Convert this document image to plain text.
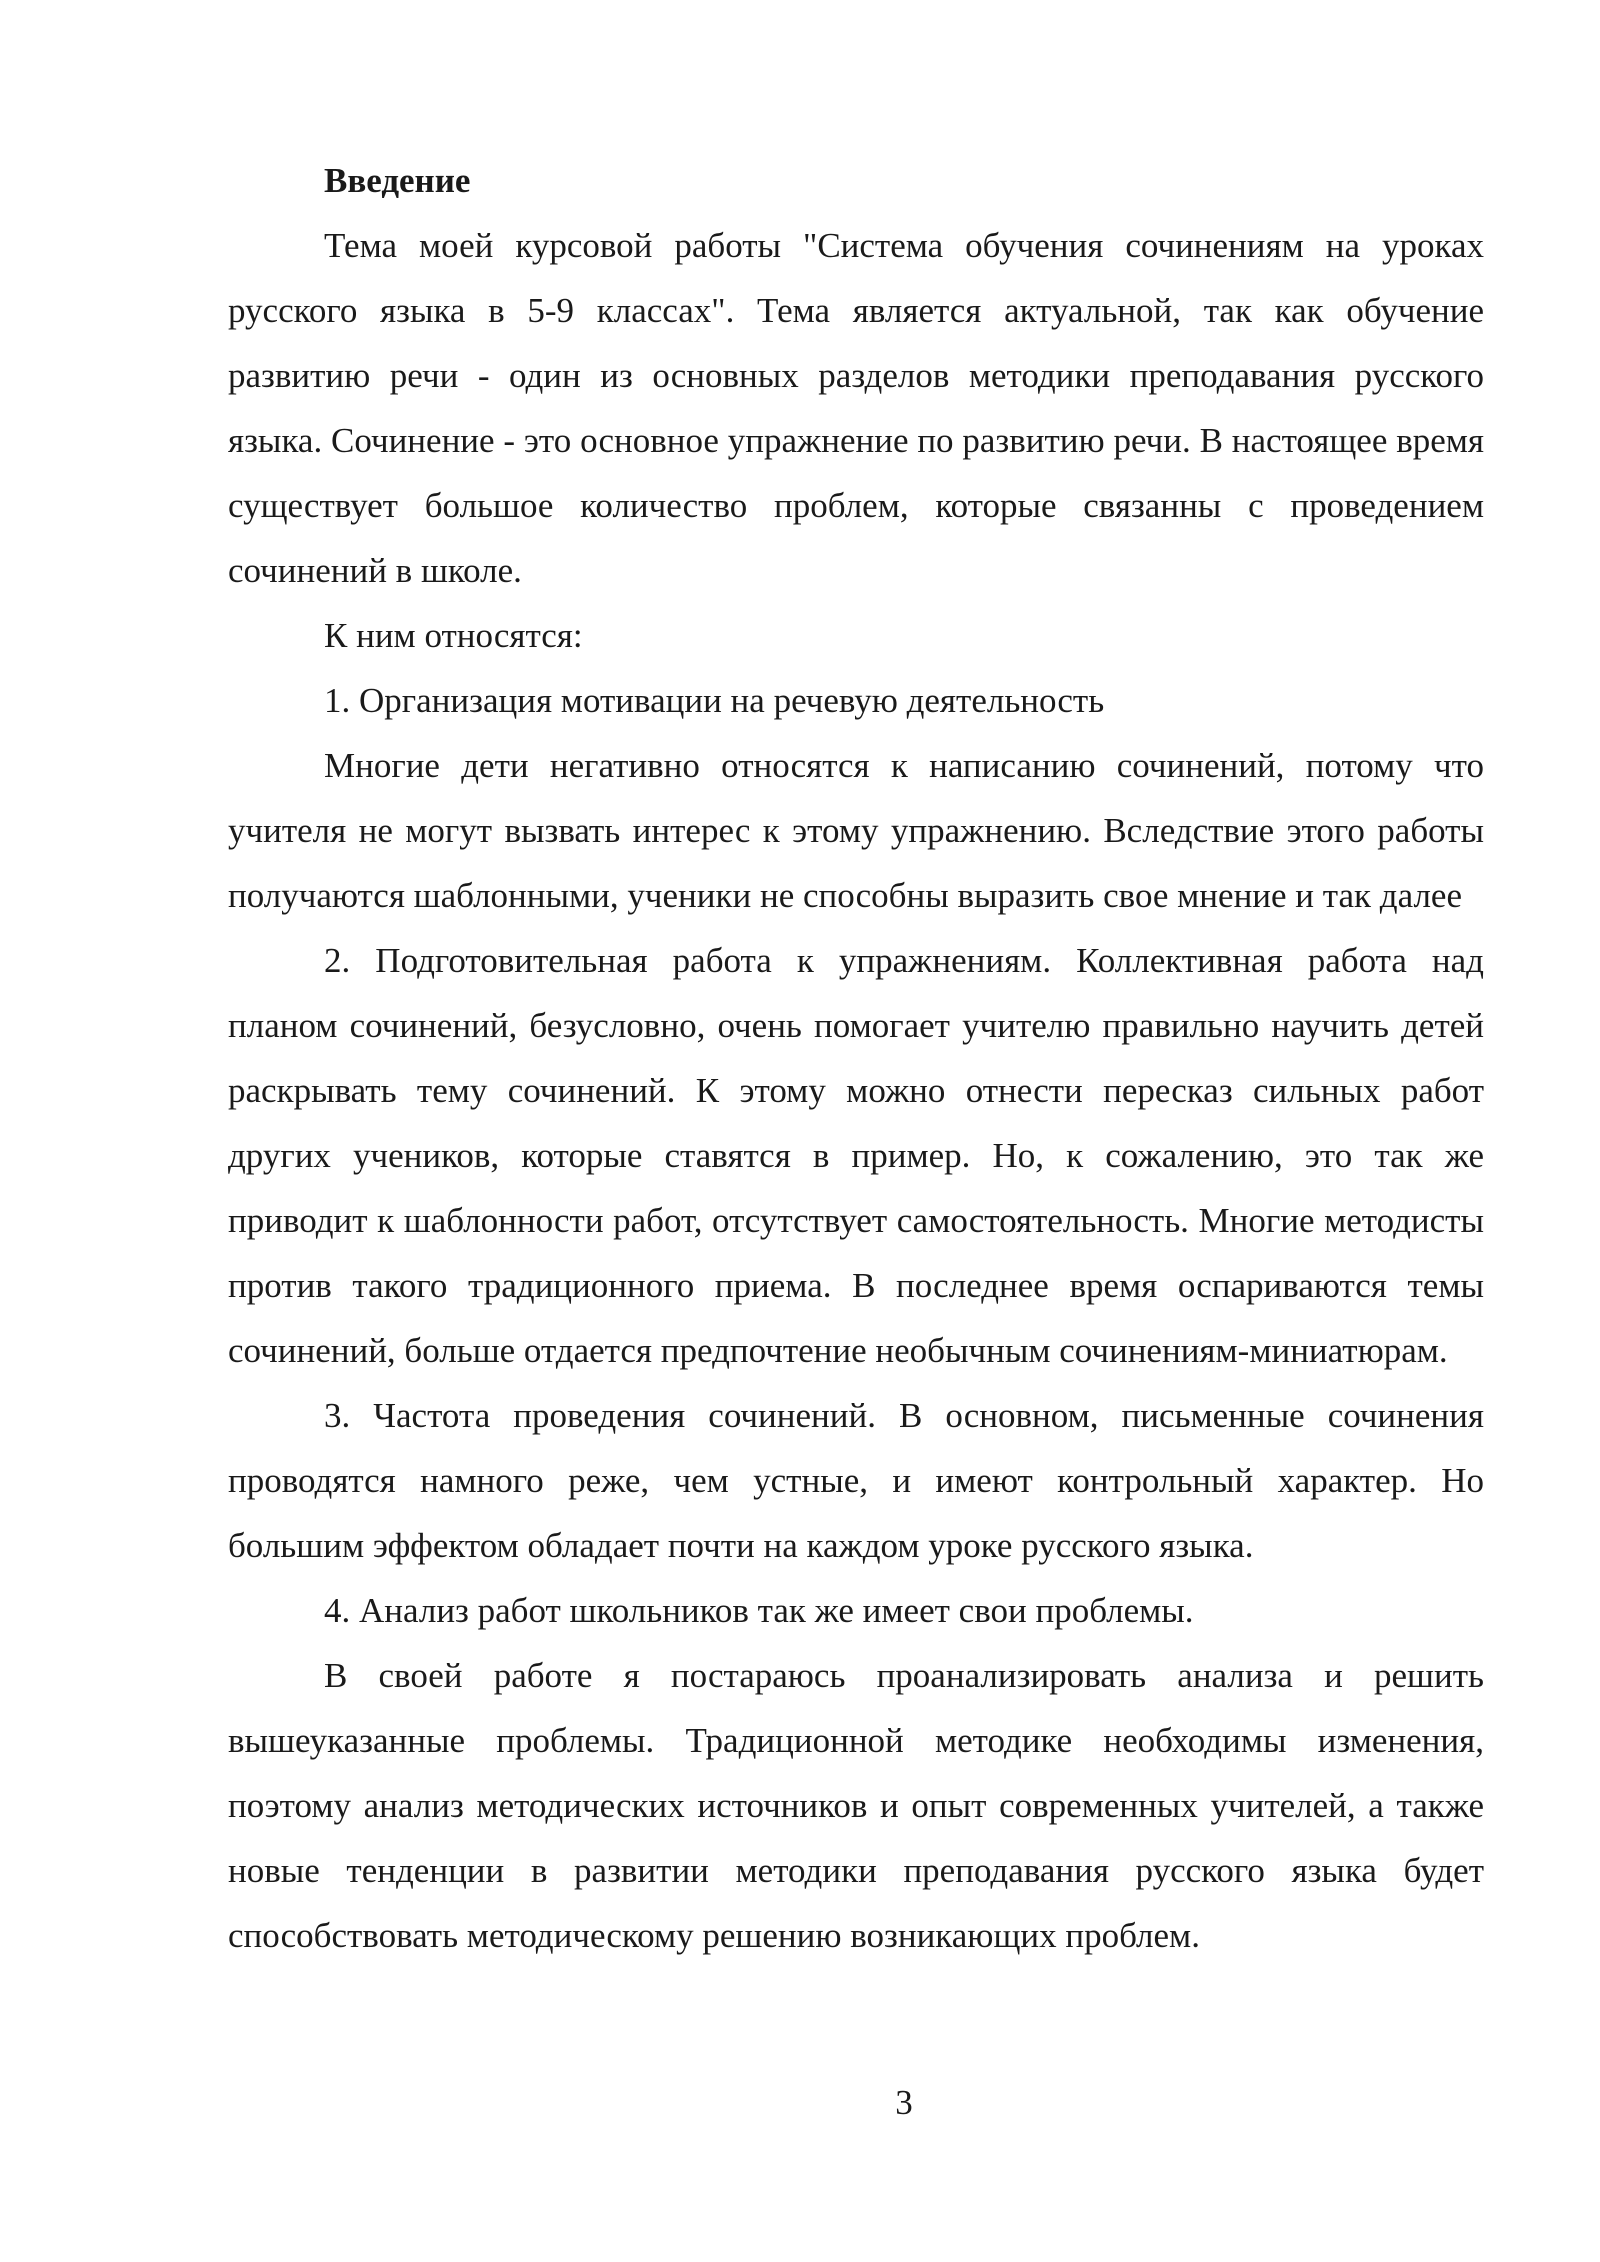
Введение

Тема моей курсовой работы "Система обучения сочинениям на уроках русского языка в 5-9 классах". Тема является актуальной, так как обучение развитию речи - один из основных разделов методики преподавания русского языка. Сочинение - это основное упражнение по развитию речи. В настоящее время существует большое количество проблем, которые связанны с проведением сочинений в школе.

К ним относятся:

1. Организация мотивации на речевую деятельность

Многие дети негативно относятся к написанию сочинений, потому что учителя не могут вызвать интерес к этому упражнению. Вследствие этого работы получаются шаблонными, ученики не способны выразить свое мнение и так далее

2. Подготовительная работа к упражнениям. Коллективная работа над планом сочинений, безусловно, очень помогает учителю правильно научить детей раскрывать тему сочинений. К этому можно отнести пересказ сильных работ других учеников, которые ставятся в пример. Но, к сожалению, это так же приводит к шаблонности работ, отсутствует самостоятельность. Многие методисты против такого традиционного приема. В последнее время оспариваются темы сочинений, больше отдается предпочтение необычным сочинениям-миниатюрам.

3. Частота проведения сочинений. В основном, письменные сочинения проводятся намного реже, чем устные, и имеют контрольный характер. Но большим эффектом обладает почти на каждом уроке русского языка.

4. Анализ работ школьников так же имеет свои проблемы.

В своей работе я постараюсь проанализировать анализа и решить вышеуказанные проблемы. Традиционной методике необходимы изменения, поэтому анализ методических источников и опыт современных учителей, а также новые тенденции в развитии методики преподавания русского языка будет способствовать методическому решению возникающих проблем.

3
